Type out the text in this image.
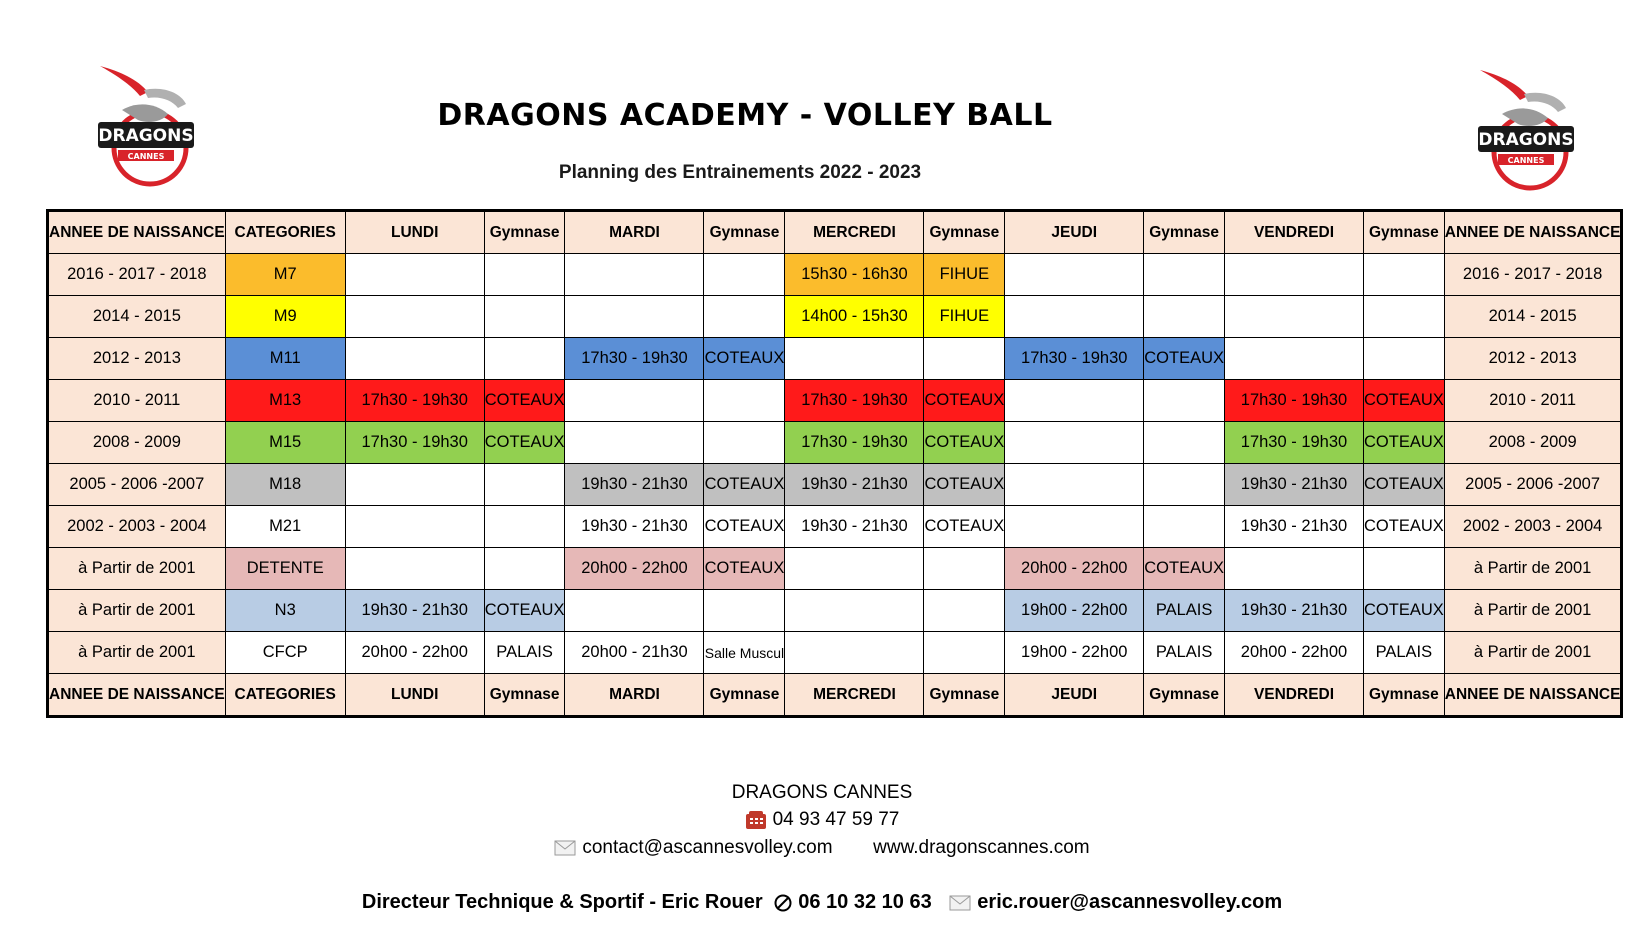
DRAGONS
CANNES
DRAGONS
CANNES
DRAGONS ACADEMY - VOLLEY BALL
Planning des Entrainements 2022 - 2023
ANNEE DE NAISSANCE	CATEGORIES	LUNDI	Gymnase	MARDI	Gymnase	MERCREDI	Gymnase	JEUDI	Gymnase	VENDREDI	Gymnase	ANNEE DE NAISSANCE
2016 - 2017 - 2018	M7					15h30 - 16h30	FIHUE					2016 - 2017 - 2018
2014 - 2015	M9					14h00 - 15h30	FIHUE					2014 - 2015
2012 - 2013	M11			17h30 - 19h30	COTEAUX			17h30 - 19h30	COTEAUX			2012 - 2013
2010 - 2011	M13	17h30 - 19h30	COTEAUX			17h30 - 19h30	COTEAUX			17h30 - 19h30	COTEAUX	2010 - 2011
2008 - 2009	M15	17h30 - 19h30	COTEAUX			17h30 - 19h30	COTEAUX			17h30 - 19h30	COTEAUX	2008 - 2009
2005 - 2006 -2007	M18			19h30 - 21h30	COTEAUX	19h30 - 21h30	COTEAUX			19h30 - 21h30	COTEAUX	2005 - 2006 -2007
2002 - 2003 - 2004	M21			19h30 - 21h30	COTEAUX	19h30 - 21h30	COTEAUX			19h30 - 21h30	COTEAUX	2002 - 2003 - 2004
à Partir de 2001	DETENTE			20h00 - 22h00	COTEAUX			20h00 - 22h00	COTEAUX			à Partir de 2001
à Partir de 2001	N3	19h30 - 21h30	COTEAUX					19h00 - 22h00	PALAIS	19h30 - 21h30	COTEAUX	à Partir de 2001
à Partir de 2001	CFCP	20h00 - 22h00	PALAIS	20h00 - 21h30	Salle Muscul			19h00 - 22h00	PALAIS	20h00 - 22h00	PALAIS	à Partir de 2001
ANNEE DE NAISSANCE	CATEGORIES	LUNDI	Gymnase	MARDI	Gymnase	MERCREDI	Gymnase	JEUDI	Gymnase	VENDREDI	Gymnase	ANNEE DE NAISSANCE
DRAGONS CANNES
04 93 47 59 77
contact@ascannesvolley.com www.dragonscannes.com
Directeur Technique & Sportif - Eric Rouer 06 10 32 10 63 eric.rouer@ascannesvolley.com
